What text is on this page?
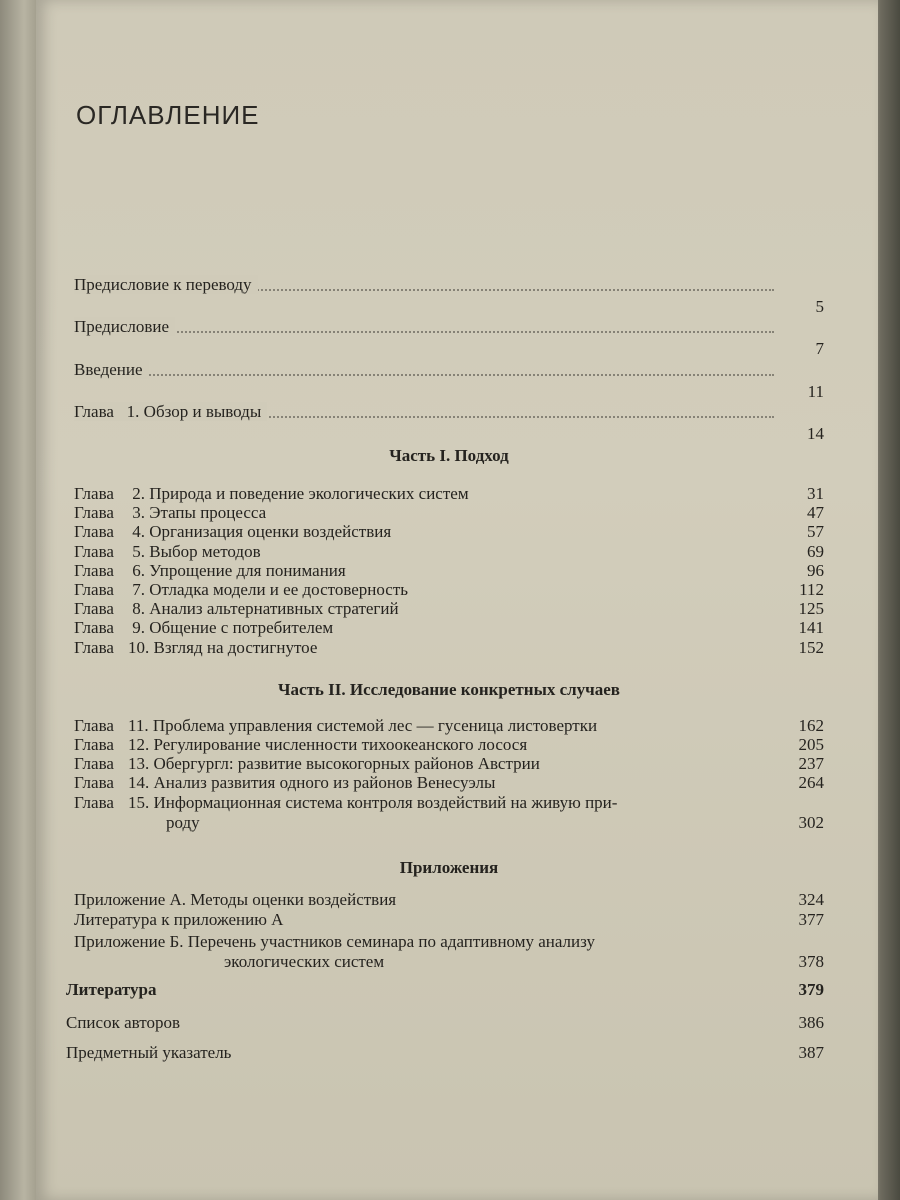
ОГЛАВЛЕНИЕ
Предисловие к переводу
5
Предисловие
7
Введение
11
Глава   1. Обзор и выводы
14
Часть I. Подход
Часть II. Исследование конкретных случаев
Приложения
Глава 2. Природа и поведение экологических систем	31
Глава 3. Этапы процесса	47
Глава 4. Организация оценки воздействия	57
Глава 5. Выбор методов	69
Глава 6. Упрощение для понимания	96
Глава 7. Отладка модели и ее достоверность	112
Глава 8. Анализ альтернативных стратегий	125
Глава 9. Общение с потребителем	141
Глава 10. Взгляд на достигнутое	152
Глава 11. Проблема управления системой лес — гусеница листовертки	162
Глава 12. Регулирование численности тихоокеанского лосося	205
Глава 13. Обергургл: развитие высокогорных районов Австрии	237
Глава 14. Анализ развития одного из районов Венесуэлы	264
Глава 15. Информационная система контроля воздействий на живую при-
роду	302
Приложение А. Методы оценки воздействия	324
Литература к приложению А	377
Приложение Б. Перечень участников семинара по адаптивному анализу
экологических систем	378
Литература	379
Список авторов	386
Предметный указатель	387
